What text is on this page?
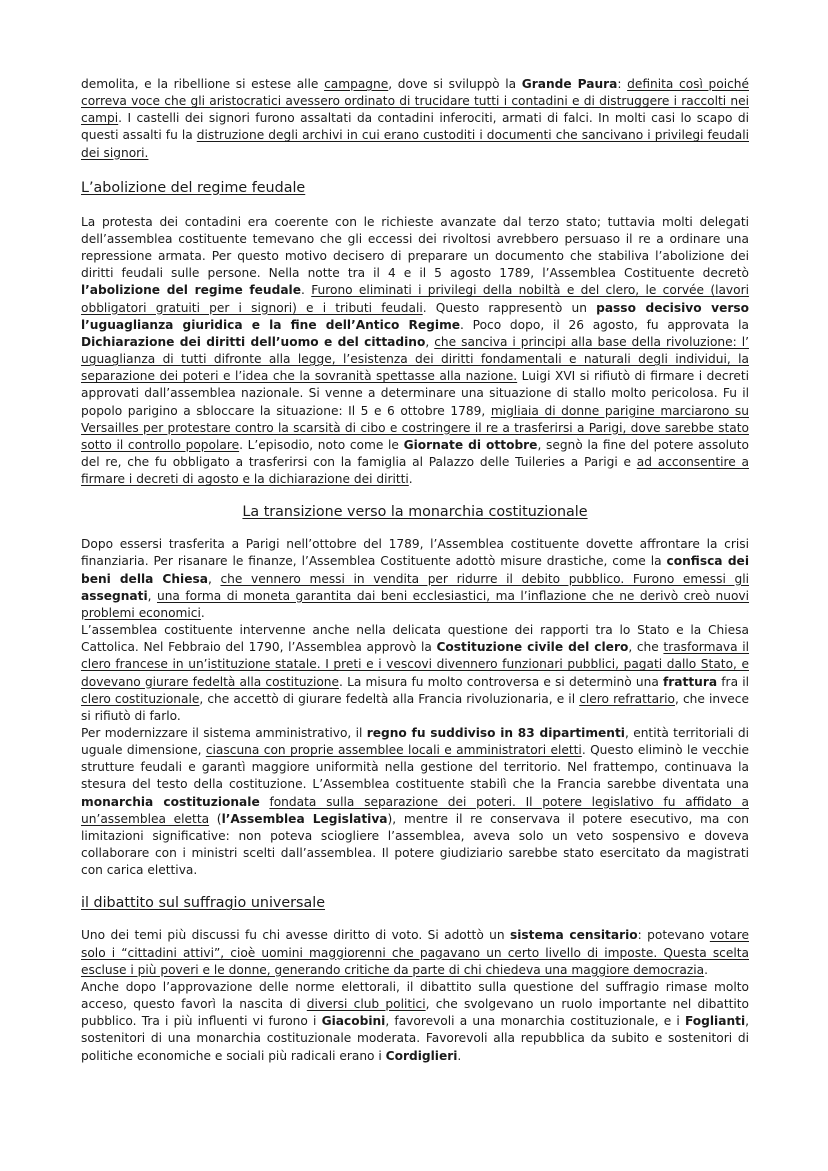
demolita, e la ribellione si estese alle campagne, dove si sviluppò la Grande Paura: definita così poiché correva voce che gli aristocratici avessero ordinato di trucidare tutti i contadini e di distruggere i raccolti nei campi. I castelli dei signori furono assaltati da contadini inferociti, armati di falci. In molti casi lo scapo di questi assalti fu la distruzione degli archivi in cui erano custoditi i documenti che sancivano i privilegi feudali dei signori.

L’abolizione del regime feudale

La protesta dei contadini era coerente con le richieste avanzate dal terzo stato; tuttavia molti delegati dell’assemblea costituente temevano che gli eccessi dei rivoltosi avrebbero persuaso il re a ordinare una repressione armata. Per questo motivo decisero di preparare un documento che stabiliva l’abolizione dei diritti feudali sulle persone. Nella notte tra il 4 e il 5 agosto 1789, l’Assemblea Costituente decretò l’abolizione del regime feudale. Furono eliminati i privilegi della nobiltà e del clero, le corvée (lavori obbligatori gratuiti per i signori) e i tributi feudali. Questo rappresentò un passo decisivo verso l’uguaglianza giuridica e la fine dell’Antico Regime. Poco dopo, il 26 agosto, fu approvata la Dichiarazione dei diritti dell’uomo e del cittadino, che sanciva i principi alla base della rivoluzione: l’ uguaglianza di tutti difronte alla legge, l’esistenza dei diritti fondamentali e naturali degli individui, la separazione dei poteri e l’idea che la sovranità spettasse alla nazione. Luigi XVI si rifiutò di firmare i decreti approvati dall’assemblea nazionale. Si venne a determinare una situazione di stallo molto pericolosa. Fu il popolo parigino a sbloccare la situazione: Il 5 e 6 ottobre 1789, migliaia di donne parigine marciarono su Versailles per protestare contro la scarsità di cibo e costringere il re a trasferirsi a Parigi, dove sarebbe stato sotto il controllo popolare. L’episodio, noto come le Giornate di ottobre, segnò la fine del potere assoluto del re, che fu obbligato a trasferirsi con la famiglia al Palazzo delle Tuileries a Parigi e ad acconsentire a firmare i decreti di agosto e la dichiarazione dei diritti.

La transizione verso la monarchia costituzionale

Dopo essersi trasferita a Parigi nell’ottobre del 1789, l’Assemblea costituente dovette affrontare la crisi finanziaria. Per risanare le finanze, l’Assemblea Costituente adottò misure drastiche, come la confisca dei beni della Chiesa, che vennero messi in vendita per ridurre il debito pubblico. Furono emessi gli assegnati, una forma di moneta garantita dai beni ecclesiastici, ma l’inflazione che ne derivò creò nuovi problemi economici.

L’assemblea costituente intervenne anche nella delicata questione dei rapporti tra lo Stato e la Chiesa Cattolica. Nel Febbraio del 1790, l’Assemblea approvò la Costituzione civile del clero, che trasformava il clero francese in un’istituzione statale. I preti e i vescovi divennero funzionari pubblici, pagati dallo Stato, e dovevano giurare fedeltà alla costituzione. La misura fu molto controversa e si determinò una frattura fra il clero costituzionale, che accettò di giurare fedeltà alla Francia rivoluzionaria, e il clero refrattario, che invece si rifiutò di farlo.

Per modernizzare il sistema amministrativo, il regno fu suddiviso in 83 dipartimenti, entità territoriali di uguale dimensione, ciascuna con proprie assemblee locali e amministratori eletti. Questo eliminò le vecchie strutture feudali e garantì maggiore uniformità nella gestione del territorio. Nel frattempo, continuava la stesura del testo della costituzione. L’Assemblea costituente stabilì che la Francia sarebbe diventata una monarchia costituzionale fondata sulla separazione dei poteri. Il potere legislativo fu affidato a un’assemblea eletta (l’Assemblea Legislativa), mentre il re conservava il potere esecutivo, ma con limitazioni significative: non poteva sciogliere l’assemblea, aveva solo un veto sospensivo e doveva collaborare con i ministri scelti dall’assemblea. Il potere giudiziario sarebbe stato esercitato da magistrati con carica elettiva.

il dibattito sul suffragio universale

Uno dei temi più discussi fu chi avesse diritto di voto. Si adottò un sistema censitario: potevano votare solo i “cittadini attivi”, cioè uomini maggiorenni che pagavano un certo livello di imposte. Questa scelta escluse i più poveri e le donne, generando critiche da parte di chi chiedeva una maggiore democrazia.

Anche dopo l’approvazione delle norme elettorali, il dibattito sulla questione del suffragio rimase molto acceso, questo favorì la nascita di diversi club politici, che svolgevano un ruolo importante nel dibattito pubblico. Tra i più influenti vi furono i Giacobini, favorevoli a una monarchia costituzionale, e i Foglianti, sostenitori di una monarchia costituzionale moderata. Favorevoli alla repubblica da subito e sostenitori di politiche economiche e sociali più radicali erano i Cordiglieri.
